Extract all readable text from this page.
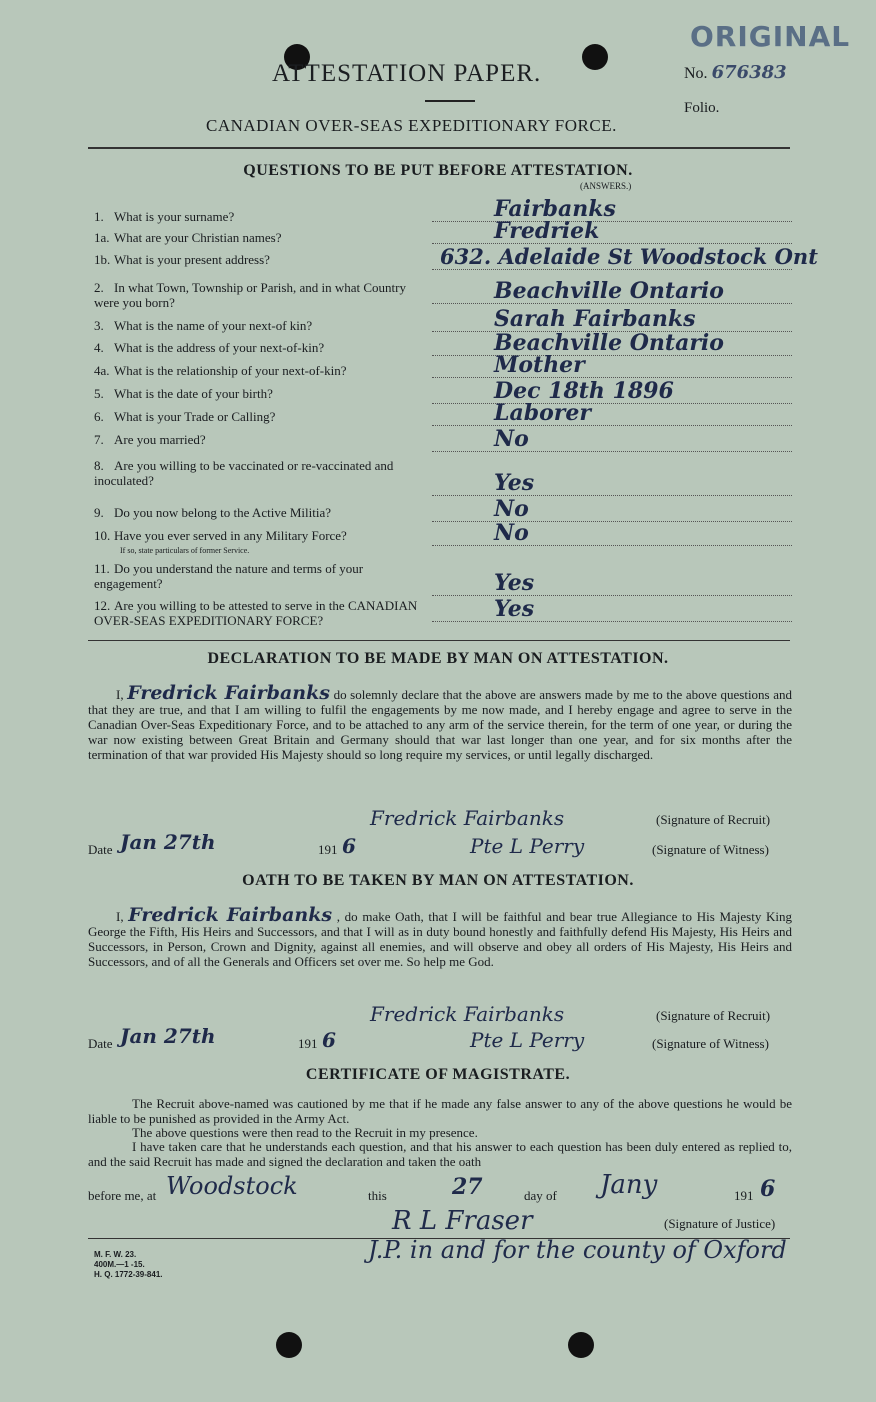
ORIGINAL
ATTESTATION PAPER.	No. 676383
Folio.
CANADIAN OVER-SEAS EXPEDITIONARY FORCE.
QUESTIONS TO BE PUT BEFORE ATTESTATION.
(ANSWERS.)
1. What is your surname?	Fairbanks
1a. What are your Christian names?	Fredriek
1b. What is your present address?	632. Adelaide St Woodstock Ont
2. In what Town, Township or Parish, and in what Country were you born?	Beachville Ontario
3. What is the name of your next-of kin?	Sarah Fairbanks
4. What is the address of your next-of-kin?	Beachville Ontario
4a. What is the relationship of your next-of-kin?	Mother
5. What is the date of your birth?	Dec 18th 1896
6. What is your Trade or Calling?	Laborer
7. Are you married?	No
8. Are you willing to be vaccinated or re-vaccinated and inoculated?	Yes
9. Do you now belong to the Active Militia?	No
10. Have you ever served in any Military Force?
If so, state particulars of former Service.
No
11. Do you understand the nature and terms of your engagement?	Yes
12. Are you willing to be attested to serve in the CANADIAN OVER-SEAS EXPEDITIONARY FORCE?	Yes
DECLARATION TO BE MADE BY MAN ON ATTESTATION.
I, Fredrick Fairbanks do solemnly declare that the above are answers made by me to the above questions and that they are true, and that I am willing to fulfil the engagements by me now made, and I hereby engage and agree to serve in the Canadian Over-Seas Expeditionary Force, and to be attached to any arm of the service therein, for the term of one year, or during the war now existing between Great Britain and Germany should that war last longer than one year, and for six months after the termination of that war provided His Majesty should so long require my services, or until legally discharged.
Fredrick Fairbanks	(Signature of Recruit)
Date Jan 27th	191 6	Pte L Perry	(Signature of Witness)
OATH TO BE TAKEN BY MAN ON ATTESTATION.
I, Fredrick Fairbanks , do make Oath, that I will be faithful and bear true Allegiance to His Majesty King George the Fifth, His Heirs and Successors, and that I will as in duty bound honestly and faithfully defend His Majesty, His Heirs and Successors, in Person, Crown and Dignity, against all enemies, and will observe and obey all orders of His Majesty, His Heirs and Successors, and of all the Generals and Officers set over me. So help me God.
Fredrick Fairbanks	(Signature of Recruit)
Date Jan 27th	191 6	Pte L Perry	(Signature of Witness)
CERTIFICATE OF MAGISTRATE.
The Recruit above-named was cautioned by me that if he made any false answer to any of the above questions he would be liable to be punished as provided in the Army Act.
The above questions were then read to the Recruit in my presence.
I have taken care that he understands each question, and that his answer to each question has been duly entered as replied to, and the said Recruit has made and signed the declaration and taken the oath
before me, at Woodstock	this	27	day of Jany	191 6
R L Fraser	(Signature of Justice)
J.P. in and for the county of Oxford
M. F. W. 23.
400M.—1 -15.
H. Q. 1772-39-841.
